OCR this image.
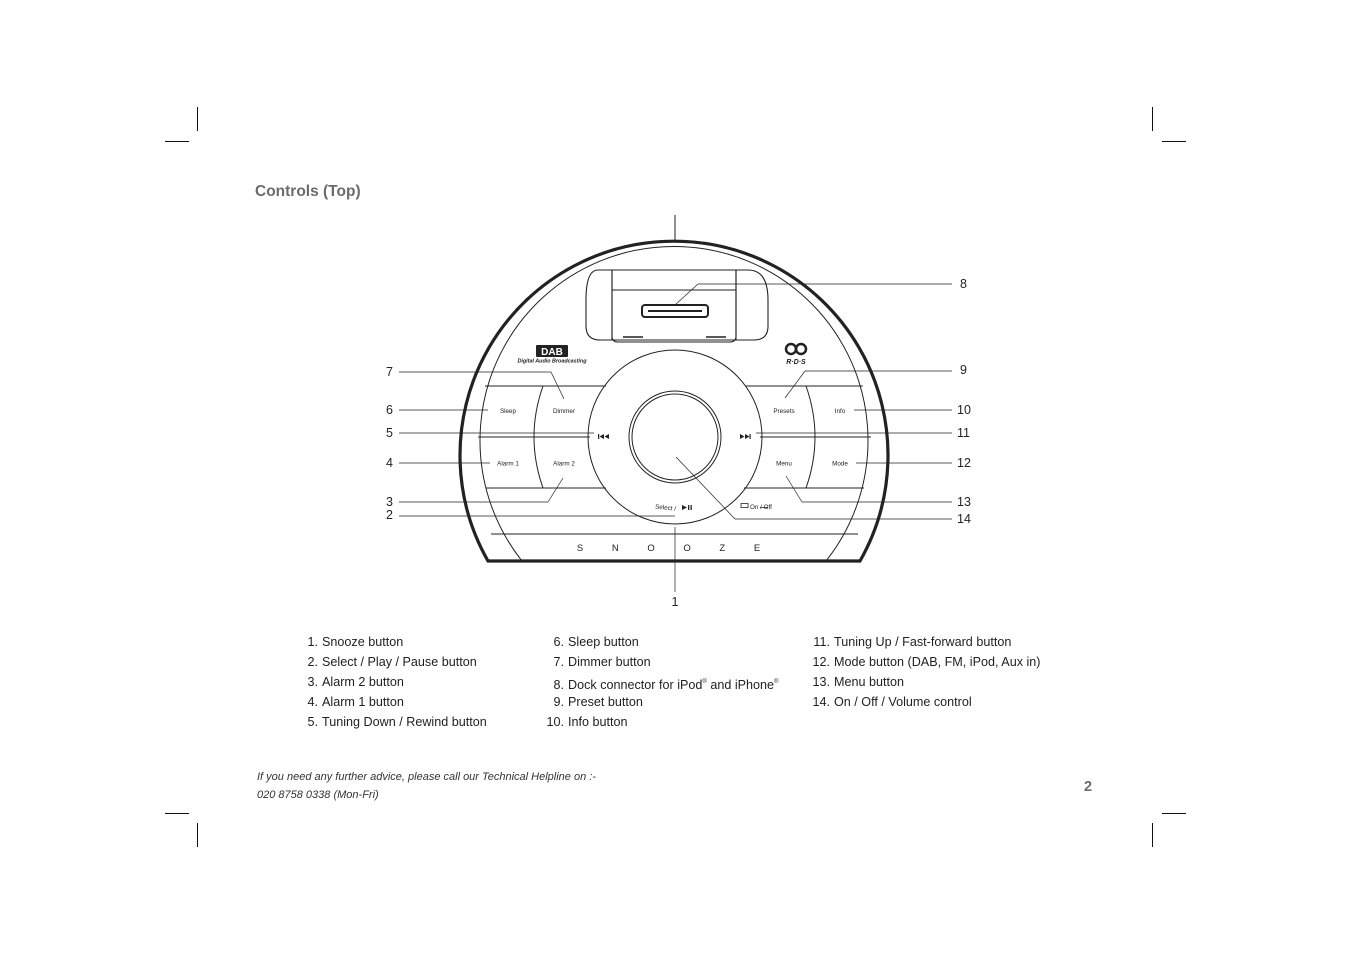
Controls (Top)
DAB
Digital Audio Broadcasting	R·D·S
Sleep	Dimmer
Alarm 1	Alarm 2
Presets	Info
Menu	Mode
Select /	On / Off
S N O O Z E
7
6
5
4
3
2
1
8
9
10
11
12
13
14
1. Snooze button
2. Select / Play / Pause button
3. Alarm 2 button
4. Alarm 1 button
5. Tuning Down / Rewind button
6. Sleep button
7. Dimmer button
8. Dock connector for iPod® and iPhone®
9. Preset button
10. Info button
11. Tuning Up / Fast-forward button
12. Mode button (DAB, FM, iPod, Aux in)
13. Menu button
14. On / Off / Volume control
If you need any further advice, please call our Technical Helpline on :-
020 8758 0338 (Mon-Fri)	2
